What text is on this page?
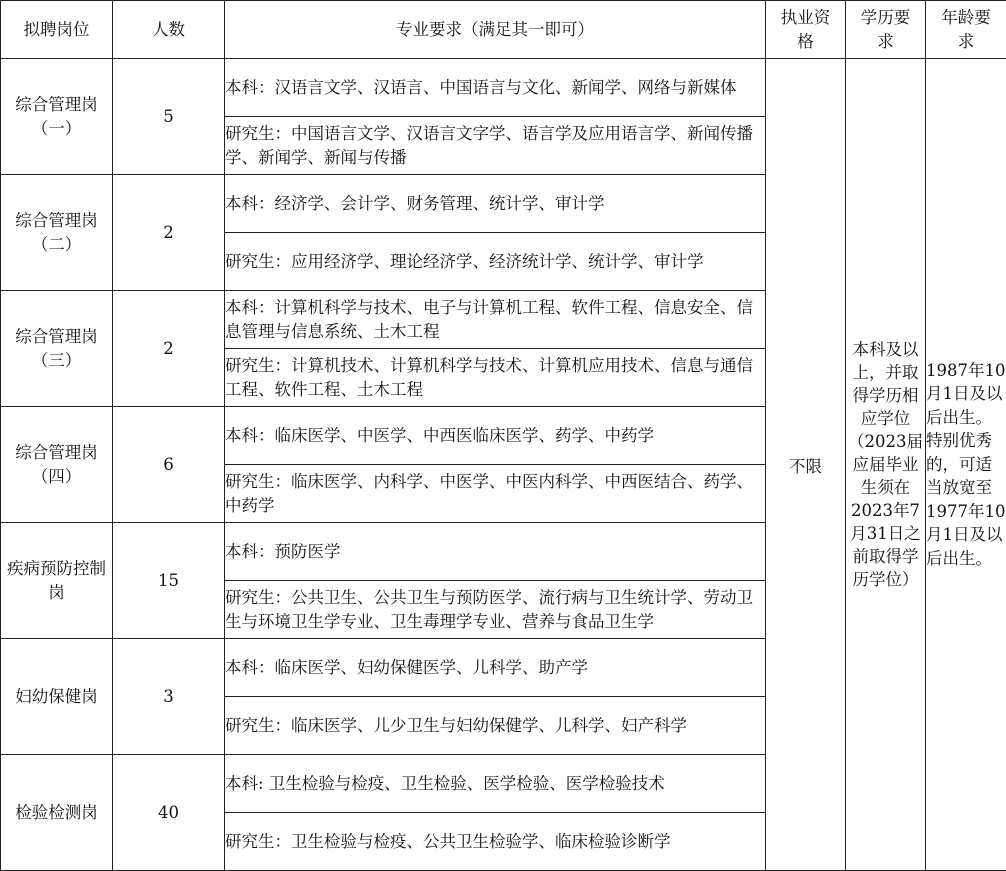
拟聘岗位	人数	专业要求（满足其一即可）	执业资格	学历要求	年龄要求
综合管理岗（一）	5	本科：汉语言文学、汉语言、中国语言与文化、新闻学、网络与新媒体	不限	本科及以上，并取得学历相应学位（2023届应届毕业生须在2023年7月31日之前取得学历学位）	1987年10月1日及以后出生。特别优秀的，可适当放宽至1977年10月1日及以后出生。
		研究生：中国语言文学、汉语言文字学、语言学及应用语言学、新闻传播学、新闻学、新闻与传播			
综合管理岗（二）	2	本科：经济学、会计学、财务管理、统计学、审计学			
		研究生：应用经济学、理论经济学、经济统计学、统计学、审计学			
综合管理岗（三）	2	本科：计算机科学与技术、电子与计算机工程、软件工程、信息安全、信息管理与信息系统、土木工程			
		研究生：计算机技术、计算机科学与技术、计算机应用技术、信息与通信工程、软件工程、土木工程			
综合管理岗（四）	6	本科：临床医学、中医学、中西医临床医学、药学、中药学			
		研究生：临床医学、内科学、中医学、中医内科学、中西医结合、药学、中药学			
疾病预防控制岗	15	本科：预防医学			
		研究生：公共卫生、公共卫生与预防医学、流行病与卫生统计学、劳动卫生与环境卫生学专业、卫生毒理学专业、营养与食品卫生学			
妇幼保健岗	3	本科：临床医学、妇幼保健医学、儿科学、助产学			
		研究生：临床医学、儿少卫生与妇幼保健学、儿科学、妇产科学			
检验检测岗	40	本科: 卫生检验与检疫、卫生检验、医学检验、医学检验技术			
		研究生：卫生检验与检疫、公共卫生检验学、临床检验诊断学			
